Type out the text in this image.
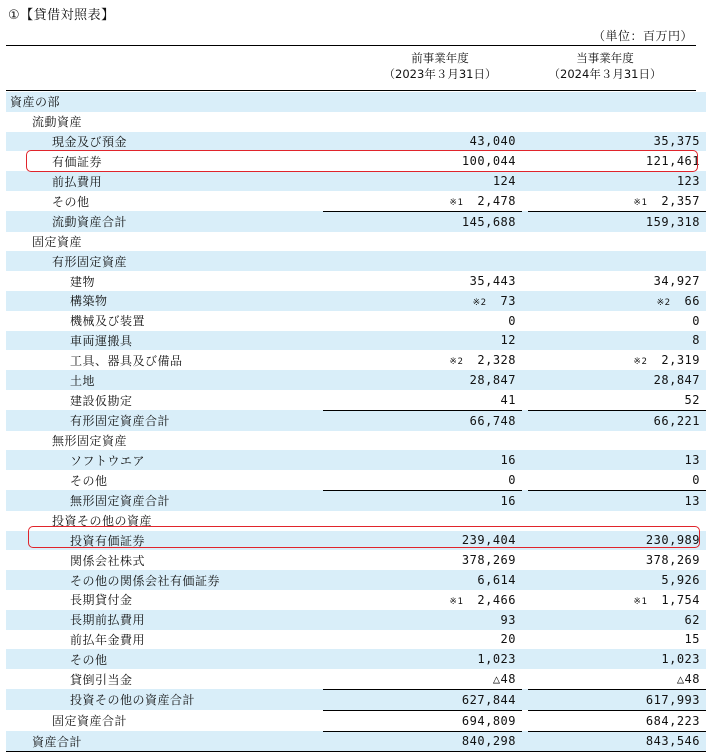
①【貸借対照表】
（単位：百万円）
前事業年度
（2023年３月31日）
当事業年度
（2024年３月31日）
資産の部			
流動資産			
現金及び預金	43,040		35,375
有価証券	100,044		121,461
前払費用	124		123
その他	※1 2,478		※1 2,357
流動資産合計	145,688		159,318
固定資産			
有形固定資産			
建物	35,443		34,927
構築物	※2 73		※2 66
機械及び装置	0		0
車両運搬具	12		8
工具、器具及び備品	※2 2,328		※2 2,319
土地	28,847		28,847
建設仮勘定	41		52
有形固定資産合計	66,748		66,221
無形固定資産			
ソフトウエア	16		13
その他	0		0
無形固定資産合計	16		13
投資その他の資産			
投資有価証券	239,404		230,989
関係会社株式	378,269		378,269
その他の関係会社有価証券	6,614		5,926
長期貸付金	※1 2,466		※1 1,754
長期前払費用	93		62
前払年金費用	20		15
その他	1,023		1,023
貸倒引当金	△48		△48
投資その他の資産合計	627,844		617,993
固定資産合計	694,809		684,223
資産合計	840,298		843,546
